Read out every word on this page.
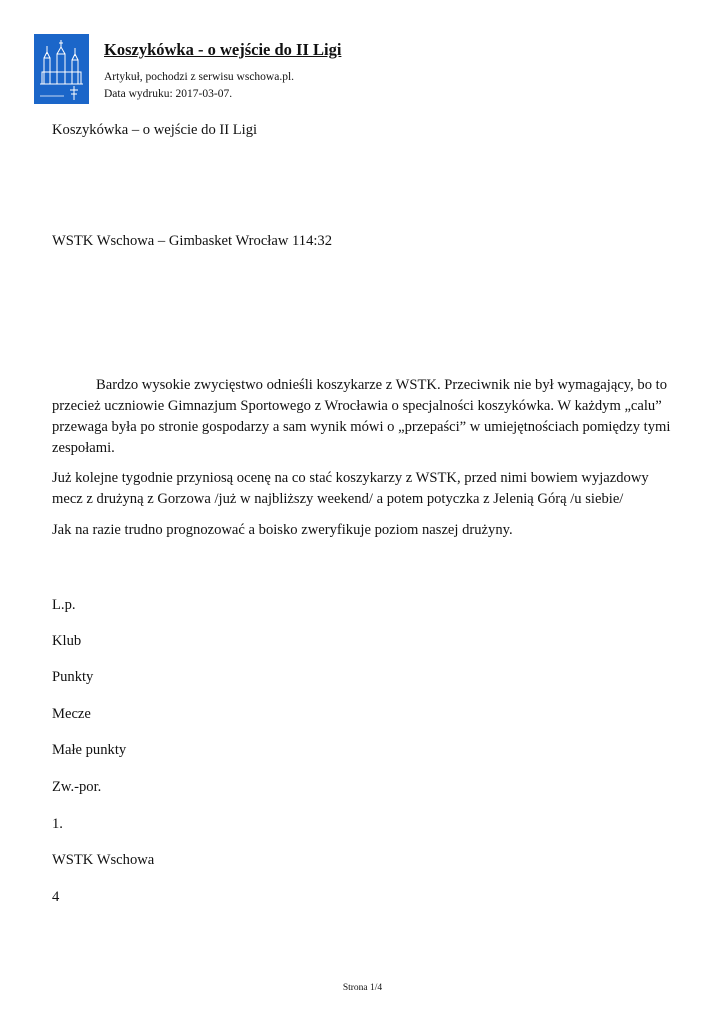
Koszykówka - o wejście do II Ligi
Artykuł, pochodzi z serwisu wschowa.pl.
Data wydruku: 2017-03-07.
Koszykówka – o wejście do II Ligi
WSTK Wschowa – Gimbasket Wrocław 114:32
Bardzo wysokie zwycięstwo odnieśli koszykarze z WSTK. Przeciwnik nie był wymagający, bo to przecież uczniowie Gimnazjum Sportowego z Wrocławia o specjalności koszykówka. W każdym „calu” przewaga była po stronie gospodarzy a sam wynik mówi o „przepaści” w umiejętnościach pomiędzy tymi zespołami.
Już kolejne tygodnie przyniosą ocenę na co stać koszykarzy z WSTK, przed nimi bowiem wyjazdowy mecz z drużyną z Gorzowa /już w najbliższy weekend/ a potem potyczka z Jelenią Górą /u siebie/
Jak na razie trudno prognozować a boisko zweryfikuje poziom naszej drużyny.
L.p.
Klub
Punkty
Mecze
Małe punkty
Zw.-por.
1.
WSTK Wschowa
4
Strona 1/4
